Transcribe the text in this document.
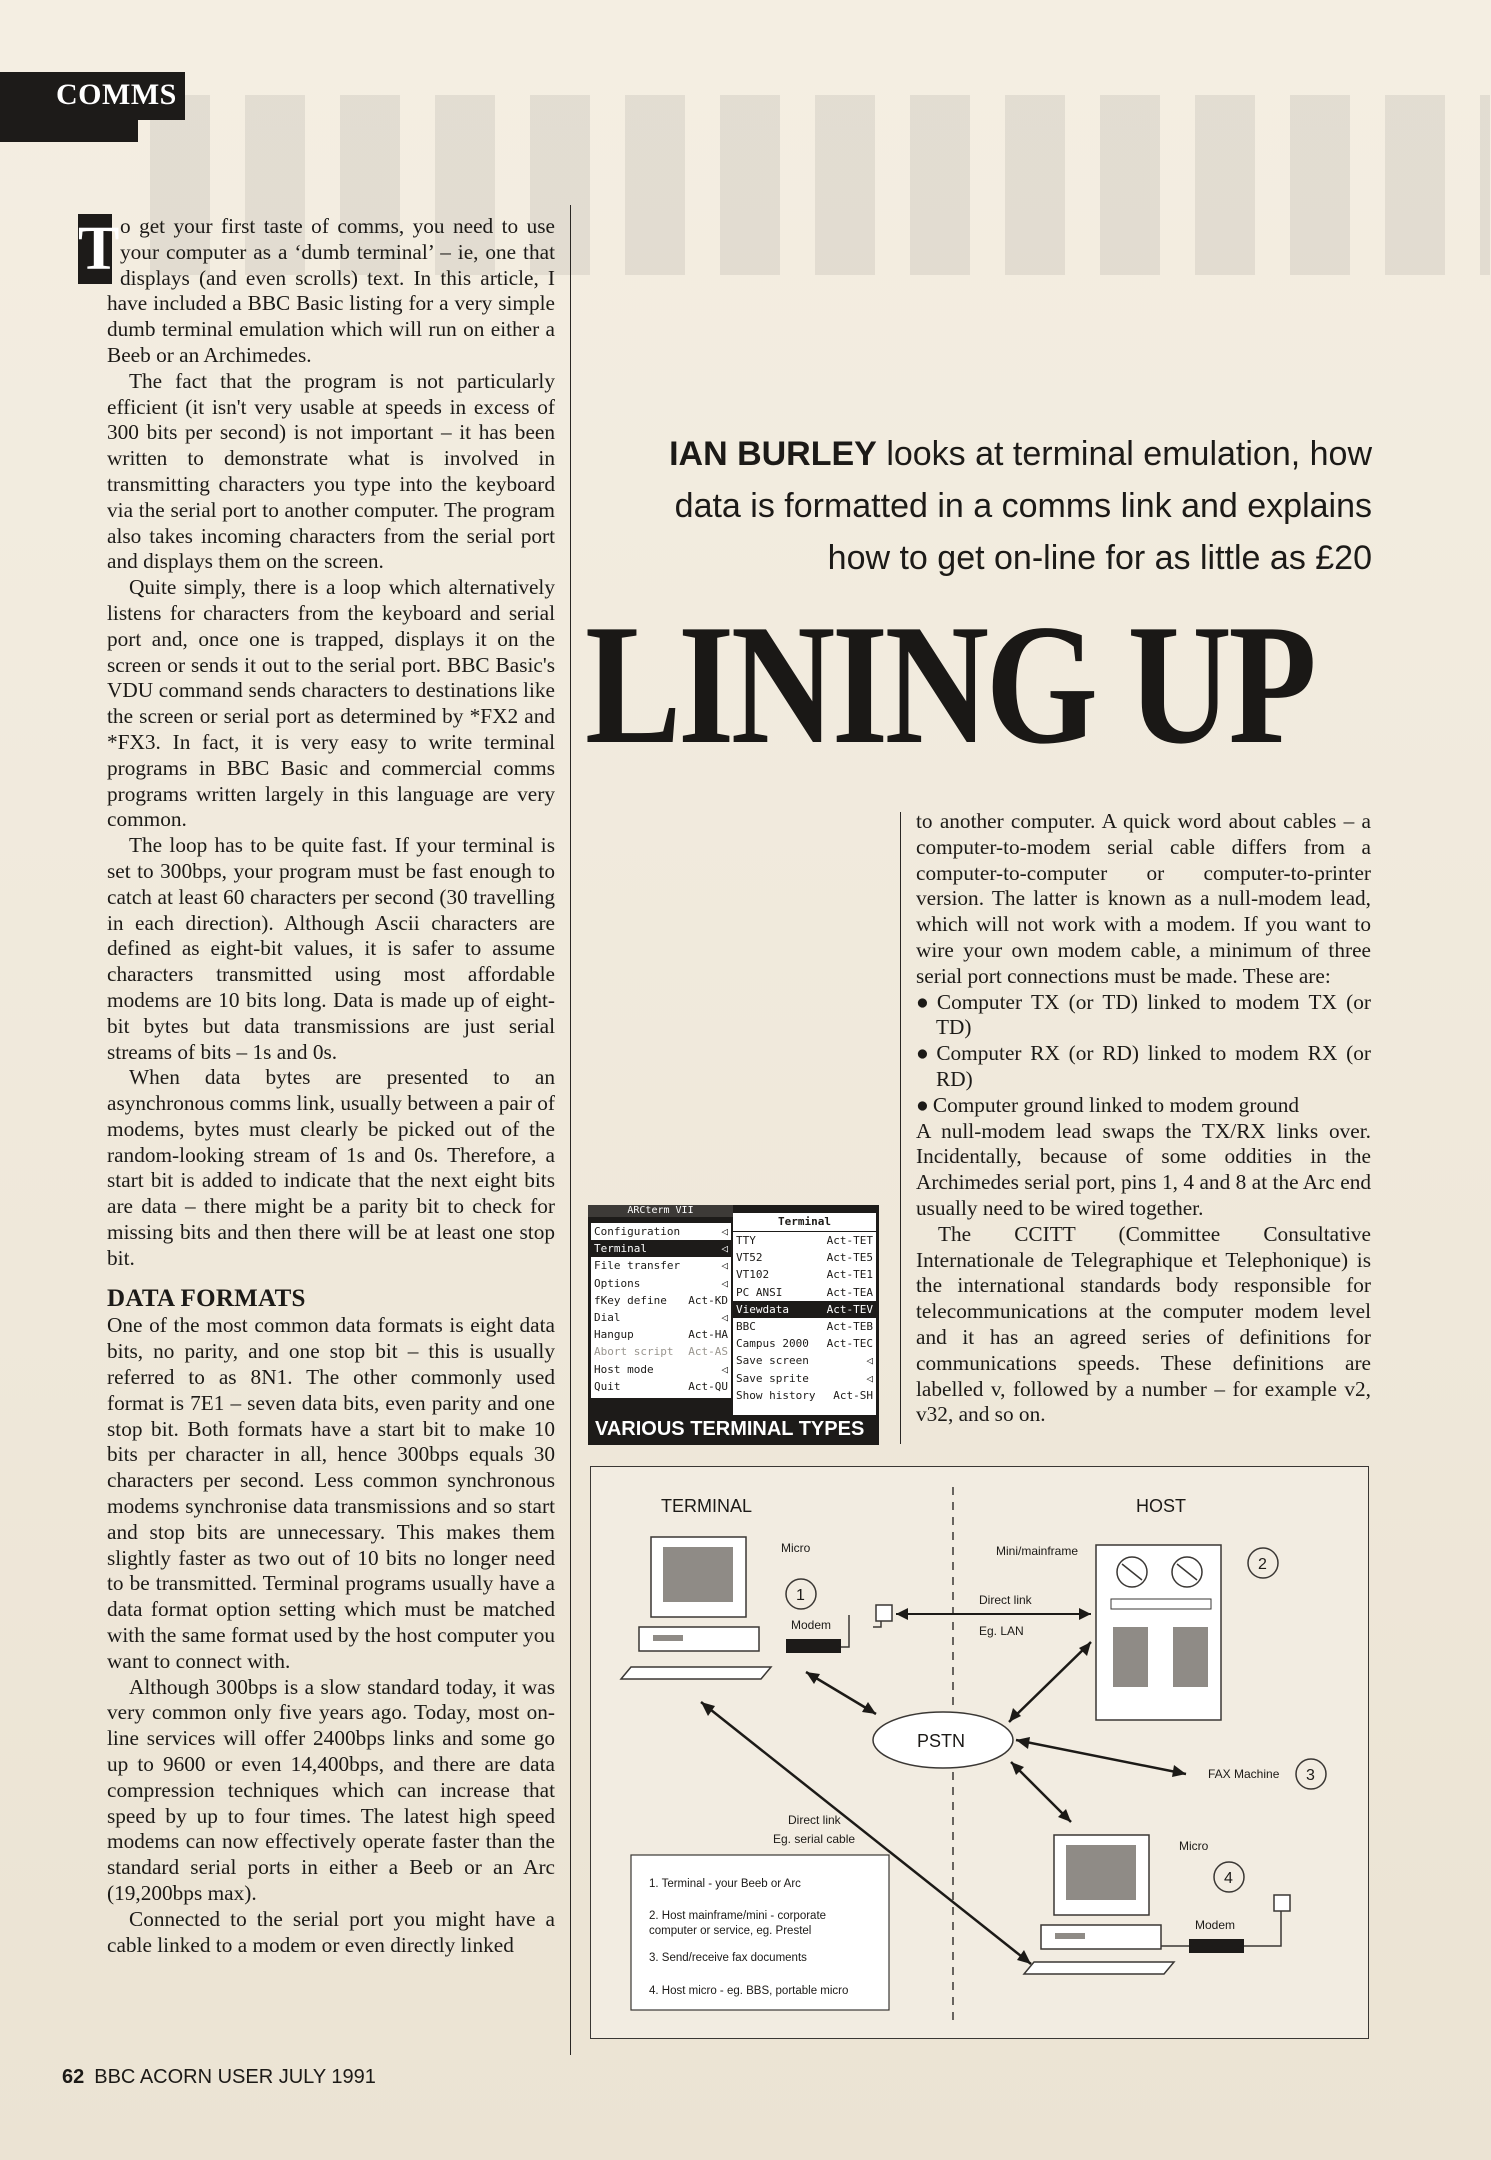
COMMS

T o get your first taste of comms, you need to use your computer as a ‘dumb terminal’ – ie, one that displays (and even scrolls) text. In this article, I have included a BBC Basic listing for a very simple dumb terminal emulation which will run on either a Beeb or an Archimedes.

The fact that the program is not particularly efficient (it isn't very usable at speeds in excess of 300 bits per second) is not important – it has been written to demonstrate what is involved in transmitting characters you type into the keyboard via the serial port to another computer. The program also takes incoming characters from the serial port and displays them on the screen.

Quite simply, there is a loop which alternatively listens for characters from the keyboard and serial port and, once one is trapped, displays it on the screen or sends it out to the serial port. BBC Basic's VDU command sends characters to destinations like the screen or serial port as determined by *FX2 and *FX3. In fact, it is very easy to write terminal programs in BBC Basic and commercial comms programs written largely in this language are very common.

The loop has to be quite fast. If your terminal is set to 300bps, your program must be fast enough to catch at least 60 characters per second (30 travelling in each direction). Although Ascii characters are defined as eight-bit values, it is safer to assume characters transmitted using most affordable modems are 10 bits long. Data is made up of eight-bit bytes but data transmissions are just serial streams of bits – 1s and 0s.

When data bytes are presented to an asynchronous comms link, usually between a pair of modems, bytes must clearly be picked out of the random-looking stream of 1s and 0s. Therefore, a start bit is added to indicate that the next eight bits are data – there might be a parity bit to check for missing bits and then there will be at least one stop bit.

DATA FORMATS

One of the most common data formats is eight data bits, no parity, and one stop bit – this is usually referred to as 8N1. The other commonly used format is 7E1 – seven data bits, even parity and one stop bit. Both formats have a start bit to make 10 bits per character in all, hence 300bps equals 30 characters per second. Less common synchronous modems synchronise data transmissions and so start and stop bits are unnecessary. This makes them slightly faster as two out of 10 bits no longer need to be transmitted. Terminal programs usually have a data format option setting which must be matched with the same format used by the host computer you want to connect with.

Although 300bps is a slow standard today, it was very common only five years ago. Today, most on-line services will offer 2400bps links and some go up to 9600 or even 14,400bps, and there are data compression techniques which can increase that speed by up to four times. The latest high speed modems can now effectively operate faster than the standard serial ports in either a Beeb or an Arc (19,200bps max).

Connected to the serial port you might have a cable linked to a modem or even directly linked

IAN BURLEY looks at terminal emulation, how
data is formatted in a comms link and explains
how to get on-line for as little as £20
LINING UP

to another computer. A quick word about cables – a computer-to-modem serial cable differs from a computer-to-computer or computer-to-printer version. The latter is known as a null-modem lead, which will not work with a modem. If you want to wire your own modem cable, a minimum of three serial port connections must be made. These are:

● Computer TX (or TD) linked to modem TX (or TD)

● Computer RX (or RD) linked to modem RX (or RD)

● Computer ground linked to modem ground

A null-modem lead swaps the TX/RX links over. Incidentally, because of some oddities in the Archimedes serial port, pins 1, 4 and 8 at the Arc end usually need to be wired together.

The CCITT (Committee Consultative Internationale de Telegraphique et Telephonique) is the international standards body responsible for telecommunications at the computer modem level and it has an agreed series of definitions for communications speeds. These definitions are labelled v, followed by a number – for example v2, v32, and so on.

ARCterm VII
Configuration	◁
Terminal	◁
File transfer	◁
Options	◁
fKey define Act-KD
Dial	◁
Hangup	Act-HA
Abort script Act-AS
Host mode	◁
Quit	Act-QU
Terminal
TTY	Act-TET
VT52	Act-TE5
VT102	Act-TE1
PC ANSI	Act-TEA
Viewdata	Act-TEV
BBC	Act-TEB
Campus 2000 Act-TEC
Save screen	◁
Save sprite	◁
Show history Act-SH
VARIOUS TERMINAL TYPES
TERMINAL	HOST
Micro
1
Modem
Mini/mainframe
2
Direct link
Eg. LAN
PSTN
FAX Machine 3
Direct link
Eg. serial cable	Micro
4
Modem
1. Terminal - your Beeb or Arc
2. Host mainframe/mini - corporate
computer or service, eg. Prestel
3. Send/receive fax documents
4. Host micro - eg. BBS, portable micro
62 BBC ACORN USER JULY 1991
